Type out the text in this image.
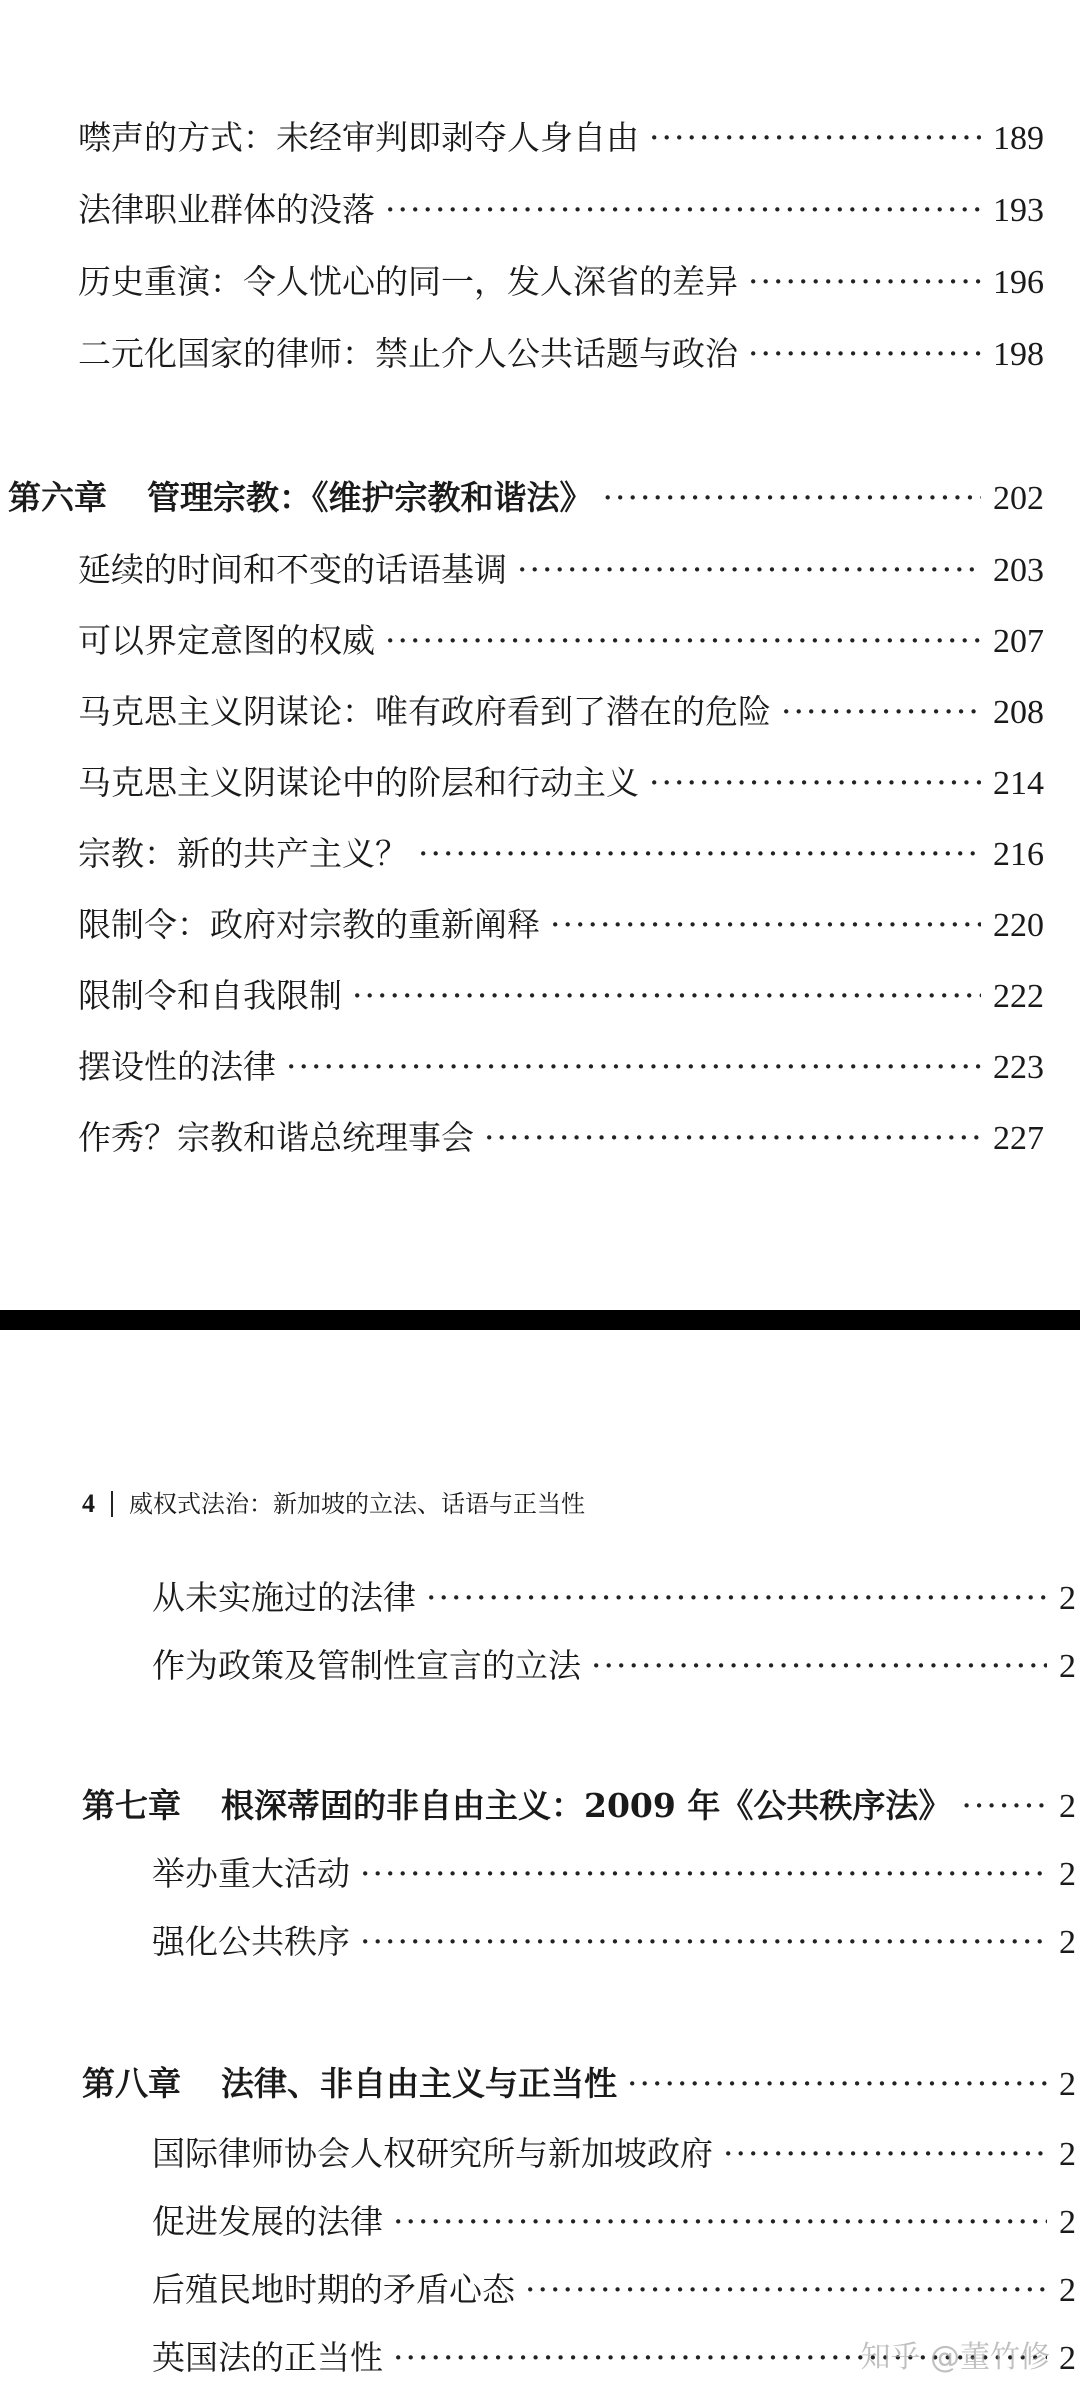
噤声的方式：未经审判即剥夺人身自由 ·····	189
法律职业群体的没落 ·····	193
历史重演：令人忧心的同一，发人深省的差异 ·····	196
二元化国家的律师：禁止介人公共话题与政治 ·····	198
第六章 管理宗教：《维护宗教和谐法》 ·····	202
延续的时间和不变的话语基调 ·····	203
可以界定意图的权威 ·····	207
马克思主义阴谋论：唯有政府看到了潜在的危险 ·····	208
马克思主义阴谋论中的阶层和行动主义 ·····	214
宗教：新的共产主义？ ·····	216
限制令：政府对宗教的重新阐释 ·····	220
限制令和自我限制 ·····	222
摆设性的法律 ·····	223
作秀？宗教和谐总统理事会 ·····	227
4 威权式法治：新加坡的立法、话语与正当性
从未实施过的法律 ·····	2
作为政策及管制性宣言的立法 ·····	2
第七章 根深蒂固的非自由主义：2009 年《公共秩序法》 ·····	2
举办重大活动 ·····	2
强化公共秩序 ·····	2
第八章 法律、非自由主义与正当性 ·····	2
国际律师协会人权研究所与新加坡政府 ·····	2
促进发展的法律 ·····	2
后殖民地时期的矛盾心态 ·····	2
英国法的正当性 ·····	2
知乎 @董竹修
